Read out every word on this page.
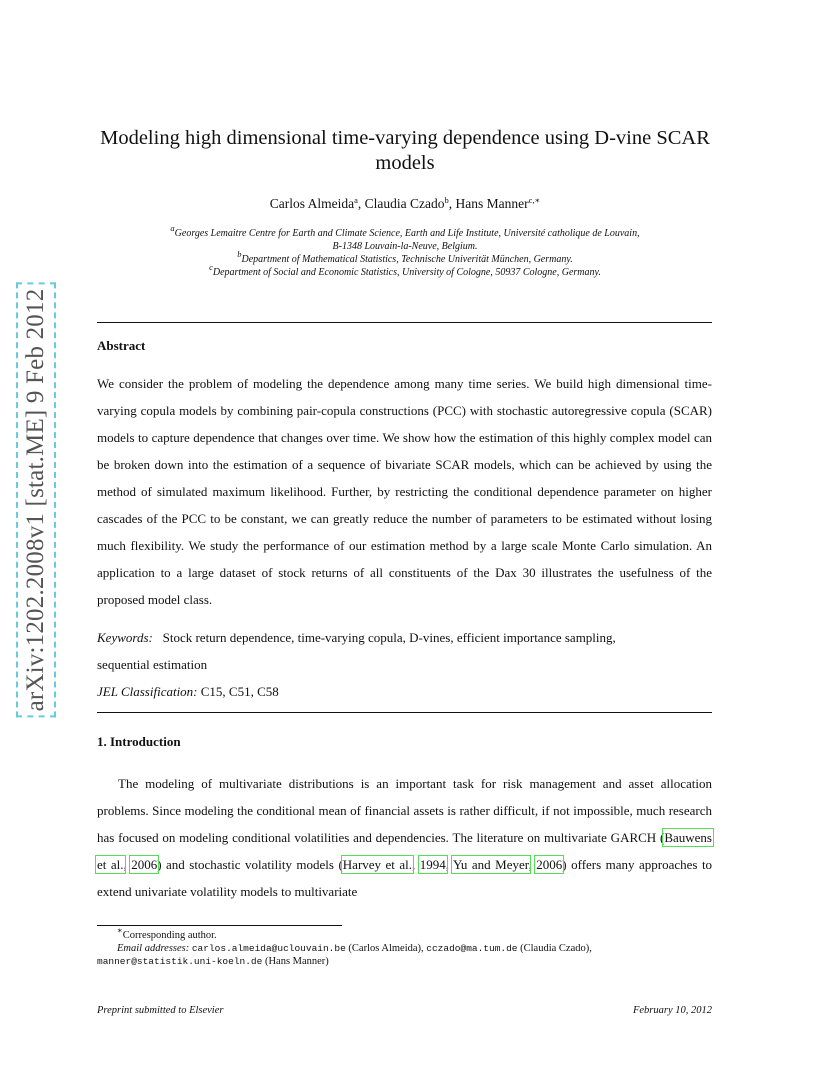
arXiv:1202.2008v1 [stat.ME] 9 Feb 2012
Modeling high dimensional time-varying dependence using D-vine SCAR models
Carlos Almeida$^a$, Claudia Czado$^b$, Hans Manner$^{c,∗}$
$^a$Georges Lemaitre Centre for Earth and Climate Science, Earth and Life Institute, Université catholique de Louvain,
B-1348 Louvain-la-Neuve, Belgium.
$^b$Department of Mathematical Statistics, Technische Univerität München, Germany.
$^c$Department of Social and Economic Statistics, University of Cologne, 50937 Cologne, Germany.
Abstract

We consider the problem of modeling the dependence among many time series. We build high dimensional time-varying copula models by combining pair-copula constructions (PCC) with stochastic autoregressive copula (SCAR) models to capture dependence that changes over time. We show how the estimation of this highly complex model can be broken down into the estimation of a sequence of bivariate SCAR models, which can be achieved by using the method of simulated maximum likelihood. Further, by restricting the conditional dependence parameter on higher cascades of the PCC to be constant, we can greatly reduce the number of parameters to be estimated without losing much flexibility. We study the performance of our estimation method by a large scale Monte Carlo simulation. An application to a large dataset of stock returns of all constituents of the Dax 30 illustrates the usefulness of the proposed model class.

Keywords: Stock return dependence, time-varying copula, D-vines, efficient importance sampling,
sequential estimation
JEL Classification: C15, C51, C58
1. Introduction

The modeling of multivariate distributions is an important task for risk management and asset allocation problems. Since modeling the conditional mean of financial assets is rather difficult, if not impossible, much research has focused on modeling conditional volatilities and dependencies. The literature on multivariate GARCH (Bauwens et al., 2006) and stochastic volatility models (Harvey et al., 1994, Yu and Meyer, 2006) offers many approaches to extend univariate volatility models to multivariate

∗Corresponding author.
Email addresses: carlos.almeida@uclouvain.be (Carlos Almeida), cczado@ma.tum.de (Claudia Czado),
manner@statistik.uni-koeln.de (Hans Manner)
Preprint submitted to Elsevier	February 10, 2012
